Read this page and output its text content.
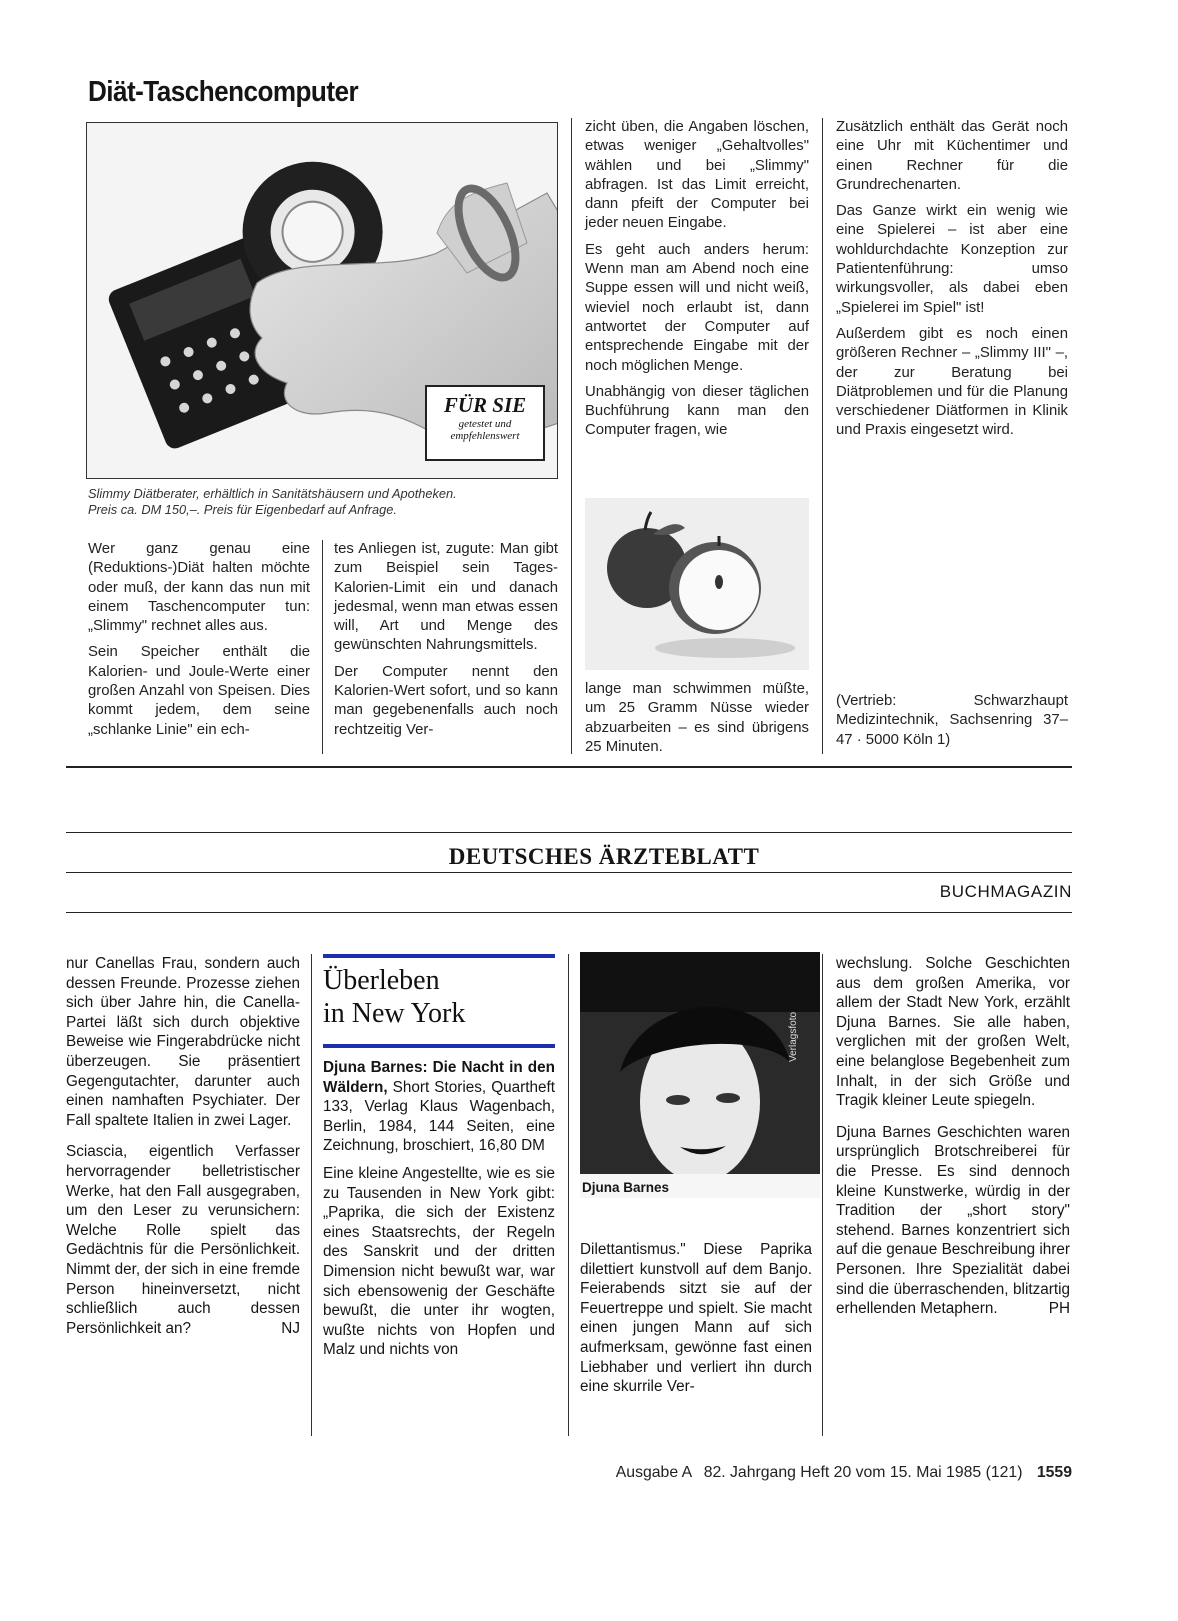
Diät-Taschencomputer
FÜR SIE
getestet und
empfehlenswert
Slimmy Diätberater, erhältlich in Sanitätshäusern und Apotheken.
Preis ca. DM 150,–. Preis für Eigenbedarf auf Anfrage.

Wer ganz genau eine (Reduktions-)Diät halten möchte oder muß, der kann das nun mit einem Taschencomputer tun: „Slimmy" rechnet alles aus.

Sein Speicher enthält die Kalorien- und Joule-Werte einer großen Anzahl von Speisen. Dies kommt jedem, dem seine „schlanke Linie" ein ech-

tes Anliegen ist, zugute: Man gibt zum Beispiel sein Tages-Kalorien-Limit ein und danach jedesmal, wenn man etwas essen will, Art und Menge des gewünschten Nahrungsmittels.

Der Computer nennt den Kalorien-Wert sofort, und so kann man gegebenenfalls auch noch rechtzeitig Ver-

zicht üben, die Angaben löschen, etwas weniger „Gehaltvolles" wählen und bei „Slimmy" abfragen. Ist das Limit erreicht, dann pfeift der Computer bei jeder neuen Eingabe.

Es geht auch anders herum: Wenn man am Abend noch eine Suppe essen will und nicht weiß, wieviel noch erlaubt ist, dann antwortet der Computer auf entsprechende Eingabe mit der noch möglichen Menge.

Unabhängig von dieser täglichen Buchführung kann man den Computer fragen, wie

lange man schwimmen müßte, um 25 Gramm Nüsse wieder abzuarbeiten – es sind übrigens 25 Minuten.

Zusätzlich enthält das Gerät noch eine Uhr mit Küchentimer und einen Rechner für die Grundrechenarten.

Das Ganze wirkt ein wenig wie eine Spielerei – ist aber eine wohldurchdachte Konzeption zur Patientenführung: umso wirkungsvoller, als dabei eben „Spielerei im Spiel" ist!

Außerdem gibt es noch einen größeren Rechner – „Slimmy III" –, der zur Beratung bei Diätproblemen und für die Planung verschiedener Diätformen in Klinik und Praxis eingesetzt wird.

(Vertrieb: Schwarzhaupt Medizintechnik, Sachsenring 37–47 · 5000 Köln 1)

DEUTSCHES ÄRZTEBLATT
BUCHMAGAZIN

nur Canellas Frau, sondern auch dessen Freunde. Prozesse ziehen sich über Jahre hin, die Canella-Partei läßt sich durch objektive Beweise wie Fingerabdrücke nicht überzeugen. Sie präsentiert Gegengutachter, darunter auch einen namhaften Psychiater. Der Fall spaltete Italien in zwei Lager.

Sciascia, eigentlich Verfasser hervorragender belletristischer Werke, hat den Fall ausgegraben, um den Leser zu verunsichern: Welche Rolle spielt das Gedächtnis für die Persönlichkeit. Nimmt der, der sich in eine fremde Person hineinversetzt, nicht schließlich auch dessen Persönlichkeit an?	NJ

Überleben
in New York

Djuna Barnes: Die Nacht in den Wäldern, Short Stories, Quartheft 133, Verlag Klaus Wagenbach, Berlin, 1984, 144 Seiten, eine Zeichnung, broschiert, 16,80 DM

Eine kleine Angestellte, wie es sie zu Tausenden in New York gibt: „Paprika, die sich der Existenz eines Staatsrechts, der Regeln des Sanskrit und der dritten Dimension nicht bewußt war, war sich ebensowenig der Geschäfte bewußt, die unter ihr wogten, wußte nichts von Hopfen und Malz und nichts von

Djuna Barnes
Verlagsfoto

Dilettantismus." Diese Paprika dilettiert kunstvoll auf dem Banjo. Feierabends sitzt sie auf der Feuertreppe und spielt. Sie macht einen jungen Mann auf sich aufmerksam, gewönne fast einen Liebhaber und verliert ihn durch eine skurrile Ver-

wechslung. Solche Geschichten aus dem großen Amerika, vor allem der Stadt New York, erzählt Djuna Barnes. Sie alle haben, verglichen mit der großen Welt, eine belanglose Begebenheit zum Inhalt, in der sich Größe und Tragik kleiner Leute spiegeln.

Djuna Barnes Geschichten waren ursprünglich Brotschreiberei für die Presse. Es sind dennoch kleine Kunstwerke, würdig in der Tradition der „short story" stehend. Barnes konzentriert sich auf die genaue Beschreibung ihrer Personen. Ihre Spezialität dabei sind die überraschenden, blitzartig erhellenden Metaphern.	PH

Ausgabe A 82. Jahrgang Heft 20 vom 15. Mai 1985 (121) 1559
